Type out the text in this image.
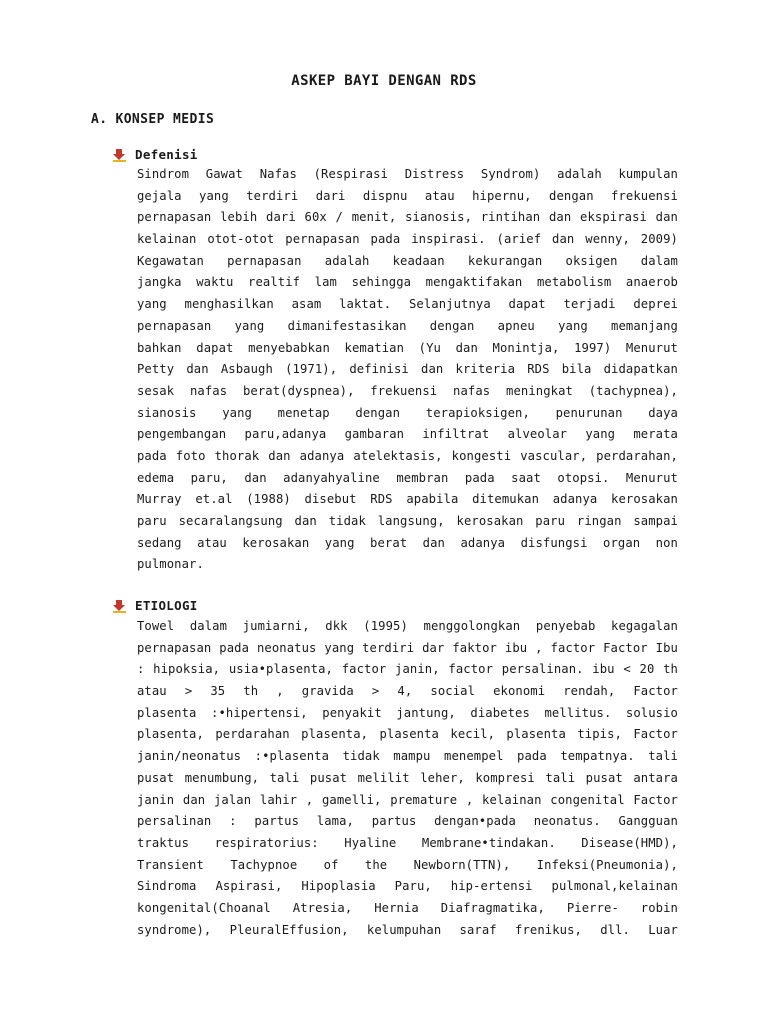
ASKEP BAYI DENGAN RDS
A. KONSEP MEDIS
Defenisi
Sindrom Gawat Nafas (Respirasi Distress Syndrom) adalah kumpulan
gejala yang terdiri dari dispnu atau hipernu, dengan frekuensi
pernapasan lebih dari 60x / menit, sianosis, rintihan dan ekspirasi dan
kelainan otot-otot pernapasan pada inspirasi. (arief dan wenny, 2009)
Kegawatan pernapasan adalah keadaan kekurangan oksigen dalam
jangka waktu realtif lam sehingga mengaktifakan metabolism anaerob
yang menghasilkan asam laktat. Selanjutnya dapat terjadi deprei
pernapasan yang dimanifestasikan dengan apneu yang memanjang
bahkan dapat menyebabkan kematian (Yu dan Monintja, 1997) Menurut
Petty dan Asbaugh (1971), definisi dan kriteria RDS bila didapatkan
sesak nafas berat(dyspnea), frekuensi nafas meningkat (tachypnea),
sianosis yang menetap dengan terapioksigen, penurunan daya
pengembangan paru,adanya gambaran infiltrat alveolar yang merata
pada foto thorak dan adanya atelektasis, kongesti vascular, perdarahan,
edema paru, dan adanyahyaline membran pada saat otopsi. Menurut
Murray et.al (1988) disebut RDS apabila ditemukan adanya kerosakan
paru secaralangsung dan tidak langsung, kerosakan paru ringan sampai
sedang atau kerosakan yang berat dan adanya disfungsi organ non
pulmonar.
ETIOLOGI
Towel dalam jumiarni, dkk (1995) menggolongkan penyebab kegagalan
pernapasan pada neonatus yang terdiri dar faktor ibu , factor Factor Ibu
: hipoksia, usia•plasenta, factor janin, factor persalinan. ibu < 20 th
atau > 35 th , gravida > 4, social ekonomi rendah, Factor
plasenta :•hipertensi, penyakit jantung, diabetes mellitus. solusio
plasenta, perdarahan plasenta, plasenta kecil, plasenta tipis, Factor
janin/neonatus :•plasenta tidak mampu menempel pada tempatnya. tali
pusat menumbung, tali pusat melilit leher, kompresi tali pusat antara
janin dan jalan lahir , gamelli, premature , kelainan congenital Factor
persalinan : partus lama, partus dengan•pada neonatus. Gangguan
traktus respiratorius: Hyaline Membrane•tindakan. Disease(HMD),
Transient Tachypnoe of the Newborn(TTN), Infeksi(Pneumonia),
Sindroma Aspirasi, Hipoplasia Paru, hip-ertensi pulmonal,kelainan
kongenital(Choanal Atresia, Hernia Diafragmatika, Pierre- robin
syndrome), PleuralEffusion, kelumpuhan saraf frenikus, dll. Luar
